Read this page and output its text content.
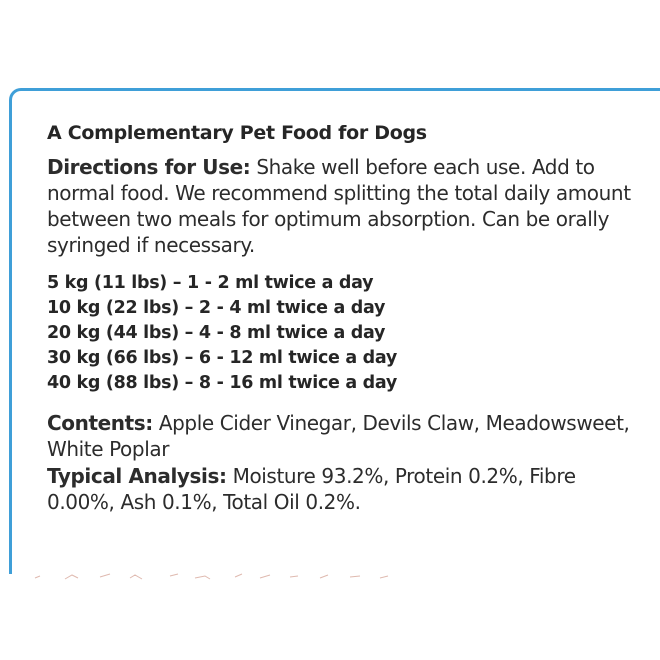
A Complementary Pet Food for Dogs

Directions for Use: Shake well before each use. Add to normal food. We recommend splitting the total daily amount between two meals for optimum absorption. Can be orally syringed if necessary.

5 kg (11 lbs) – 1 - 2 ml twice a day
10 kg (22 lbs) – 2 - 4 ml twice a day
20 kg (44 lbs) – 4 - 8 ml twice a day
30 kg (66 lbs) – 6 - 12 ml twice a day
40 kg (88 lbs) – 8 - 16 ml twice a day

Contents: Apple Cider Vinegar, Devils Claw, Meadowsweet, White Poplar

Typical Analysis: Moisture 93.2%, Protein 0.2%, Fibre 0.00%, Ash 0.1%, Total Oil 0.2%.
